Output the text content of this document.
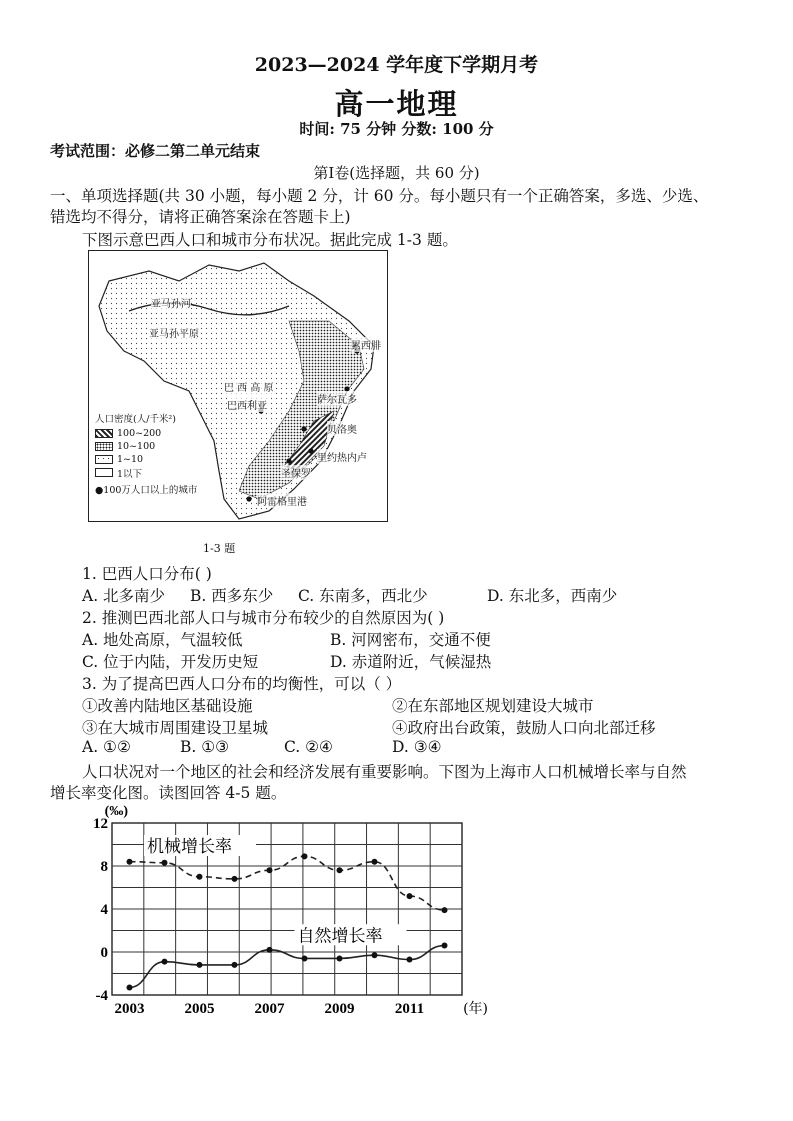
2023—2024 学年度下学期月考
高一地理
时间: 75 分钟 分数: 100 分
考试范围：必修二第二单元结束
第Ⅰ卷(选择题，共 60 分)
一、单项选择题(共 30 小题，每小题 2 分，计 60 分。每小题只有一个正确答案，多选、少选、
错选均不得分，请将正确答案涂在答题卡上)
下图示意巴西人口和城市分布状况。据此完成 1-3 题。
亚马孙河
亚马孙平原
巴 西 高 原
巴西利亚
累西腓
萨尔瓦多
贝洛奥
里约热内卢
圣保罗
阿雷格里港
人口密度(人/千米²)
100~200
10~100
1~10
1以下
●100万人口以上的城市
1-3 题
1. 巴西人口分布( )
A. 北多南少 B. 西多东少 C. 东南多，西北少	D. 东北多，西南少
2. 推测巴西北部人口与城市分布较少的自然原因为( )
A. 地处高原，气温较低	B. 河网密布，交通不便
C. 位于内陆，开发历史短	D. 赤道附近，气候湿热
3. 为了提高巴西人口分布的均衡性，可以（ ）
①改善内陆地区基础设施	②在东部地区规划建设大城市
③在大城市周围建设卫星城	④政府出台政策，鼓励人口向北部迁移
A. ①②	B. ①③	C. ②④	D. ③④
人口状况对一个地区的社会和经济发展有重要影响。下图为上海市人口机械增长率与自然
增长率变化图。读图回答 4-5 题。
12
8
4
0
-4
2003	2005	2007	2009	2011
(‰)
(年)
机械增长率
自然增长率
